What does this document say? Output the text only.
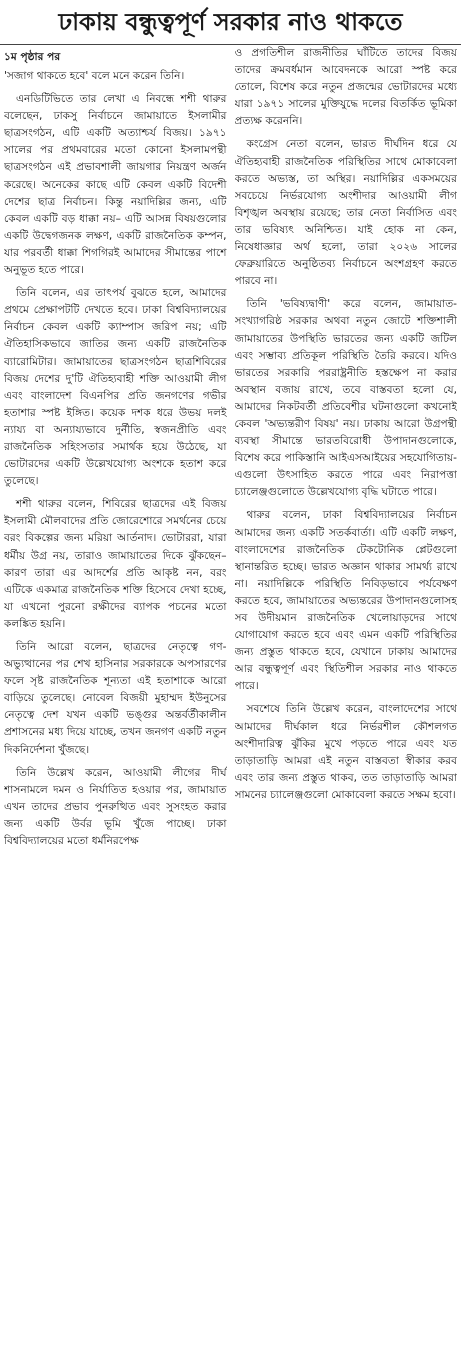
ঢাকায় বন্ধুত্বপূর্ণ সরকার নাও থাকতে
১ম পৃষ্ঠার পর

'সজাগ থাকতে হবে' বলে মনে করেন তিনি।

এনডিটিভিতে তার লেখা এ নিবন্ধে শশী থারুর বলেছেন, ঢাকসু নির্বাচনে জামায়াতে ইসলামীর ছাত্রসংগঠন, এটি একটি অত্যাশ্চর্য বিজয়। ১৯৭১ সালের পর প্রথমবারের মতো কোনো ইসলামপন্থী ছাত্রসংগঠন এই প্রভাবশালী জায়গার নিয়ন্ত্রণ অর্জন করেছে। অনেকের কাছে এটি কেবল একটি বিদেশী দেশের ছাত্র নির্বাচন। কিন্তু নয়াদিল্লির জন্য, এটি কেবল একটি বড় ধাক্কা নয়– এটি আসন্ন বিষয়গুলোর একটি উদ্বেগজনক লক্ষণ, একটি রাজনৈতিক কম্পন, যার পরবর্তী ধাক্কা শিগগিরই আমাদের সীমান্তের পাশে অনুভূত হতে পারে।

তিনি বলেন, এর তাৎপর্য বুঝতে হলে, আমাদের প্রথমে প্রেক্ষাপটটি দেখতে হবে। ঢাকা বিশ্ববিদ্যালয়ের নির্বাচন কেবল একটি ক্যাম্পাস জরিপ নয়; এটি ঐতিহাসিকভাবে জাতির জন্য একটি রাজনৈতিক ব্যারোমিটার। জামায়াতের ছাত্রসংগঠন ছাত্রশিবিরের বিজয় দেশের দু'টি ঐতিহ্যবাহী শক্তি আওয়ামী লীগ এবং বাংলাদেশ বিএনপির প্রতি জনগণের গভীর হতাশার স্পষ্ট ইঙ্গিত। কয়েক দশক ধরে উভয় দলই ন্যায্য বা অন্যায্যভাবে দুর্নীতি, স্বজনপ্রীতি এবং রাজনৈতিক সহিংসতার সমার্থক হয়ে উঠেছে, যা ভোটারদের একটি উল্লেখযোগ্য অংশকে হতাশ করে তুলেছে।

শশী থারুর বলেন, শিবিরের ছাত্রদের এই বিজয় ইসলামী মৌলবাদের প্রতি জোরেশোরে সমর্থনের চেয়ে বরং বিকল্পের জন্য মরিয়া আর্তনাদ। ভোটাররা, যারা ধর্মীয় উগ্র নয়, তারাও জামায়াতের দিকে ঝুঁকছেন– কারণ তারা এর আদর্শের প্রতি আকৃষ্ট নন, বরং এটিকে একমাত্র রাজনৈতিক শক্তি হিসেবে দেখা হচ্ছে, যা এখনো পুরনো রক্ষীদের ব্যাপক পচনের মতো কলঙ্কিত হয়নি।

তিনি আরো বলেন, ছাত্রদের নেতৃত্বে গণ-অভ্যুত্থানের পর শেখ হাসিনার সরকারকে অপসারণের ফলে সৃষ্ট রাজনৈতিক শূন্যতা এই হতাশাকে আরো বাড়িয়ে তুলেছে। নোবেল বিজয়ী মুহাম্মদ ইউনুসের নেতৃত্বে দেশ যখন একটি ভঙ্গুর অন্তর্বর্তীকালীন প্রশাসনের মধ্য দিয়ে যাচ্ছে, তখন জনগণ একটি নতুন দিকনির্দেশনা খুঁজছে।

তিনি উল্লেখ করেন, আওয়ামী লীগের দীর্ঘ শাসনামলে দমন ও নির্যাতিত হওয়ার পর, জামায়াত এখন তাদের প্রভাব পুনরুত্থিত এবং সুসংহত করার জন্য একটি উর্বর ভূমি খুঁজে পাচ্ছে। ঢাকা বিশ্ববিদ্যালয়ের মতো ধর্মনিরপেক্ষ

ও প্রগতিশীল রাজনীতির ঘাঁটিতে তাদের বিজয় তাদের ক্রমবর্ধমান আবেদনকে আরো স্পষ্ট করে তোলে, বিশেষ করে নতুন প্রজন্মের ভোটারদের মধ্যে যারা ১৯৭১ সালের মুক্তিযুদ্ধে দলের বিতর্কিত ভূমিকা প্রত্যক্ষ করেননি।

কংগ্রেস নেতা বলেন, ভারত দীর্ঘদিন ধরে যে ঐতিহ্যবাহী রাজনৈতিক পরিস্থিতির সাথে মোকাবেলা করতে অভ্যস্ত, তা অস্থির। নয়াদিল্লির একসময়ের সবচেয়ে নির্ভরযোগ্য অংশীদার আওয়ামী লীগ বিশৃঙ্খল অবস্থায় রয়েছে; তার নেতা নির্বাসিত এবং তার ভবিষ্যৎ অনিশ্চিত। যাই হোক না কেন, নিষেধাজ্ঞার অর্থ হলো, তারা ২০২৬ সালের ফেব্রুয়ারিতে অনুষ্ঠিতব্য নির্বাচনে অংশগ্রহণ করতে পারবে না।

তিনি 'ভবিষ্যদ্বাণী' করে বলেন, জামায়াত-সংখ্যাগরিষ্ঠ সরকার অথবা নতুন জোটে শক্তিশালী জামায়াতের উপস্থিতি ভারতের জন্য একটি জটিল এবং সম্ভাব্য প্রতিকূল পরিস্থিতি তৈরি করবে। যদিও ভারতের সরকারি পররাষ্ট্রনীতি হস্তক্ষেপ না করার অবস্থান বজায় রাখে, তবে বাস্তবতা হলো যে, আমাদের নিকটবর্তী প্রতিবেশীর ঘটনাগুলো কখনোই কেবল 'অভ্যন্তরীণ বিষয়' নয়। ঢাকায় আরো উগ্রপন্থী ব্যবস্থা সীমান্তে ভারতবিরোধী উপাদানগুলোকে, বিশেষ করে পাকিস্তানি আইএসআইয়ের সহযোগিতায়-এগুলো উৎসাহিত করতে পারে এবং নিরাপত্তা চ্যালেঞ্জগুলোতে উল্লেখযোগ্য বৃদ্ধি ঘটাতে পারে।

থারুর বলেন, ঢাকা বিশ্ববিদ্যালয়ের নির্বাচন আমাদের জন্য একটি সতর্কবার্তা। এটি একটি লক্ষণ, বাংলাদেশের রাজনৈতিক টেকটোনিক প্লেটগুলো স্থানান্তরিত হচ্ছে। ভারত অজ্ঞান থাকার সামর্থ্য রাখে না। নয়াদিল্লিকে পরিস্থিতি নিবিড়ভাবে পর্যবেক্ষণ করতে হবে, জামায়াতের অভ্যন্তরের উপাদানগুলোসহ সব উদীয়মান রাজনৈতিক খেলোয়াড়দের সাথে যোগাযোগ করতে হবে এবং এমন একটি পরিস্থিতির জন্য প্রস্তুত থাকতে হবে, যেখানে ঢাকায় আমাদের আর বন্ধুত্বপূর্ণ এবং স্থিতিশীল সরকার নাও থাকতে পারে।

সবশেষে তিনি উল্লেখ করেন, বাংলাদেশের সাথে আমাদের দীর্ঘকাল ধরে নির্ভরশীল কৌশলগত অংশীদারিত্ব ঝুঁকির মুখে পড়তে পারে এবং যত তাড়াতাড়ি আমরা এই নতুন বাস্তবতা স্বীকার করব এবং তার জন্য প্রস্তুত থাকব, তত তাড়াতাড়ি আমরা সামনের চ্যালেঞ্জগুলো মোকাবেলা করতে সক্ষম হবো।
